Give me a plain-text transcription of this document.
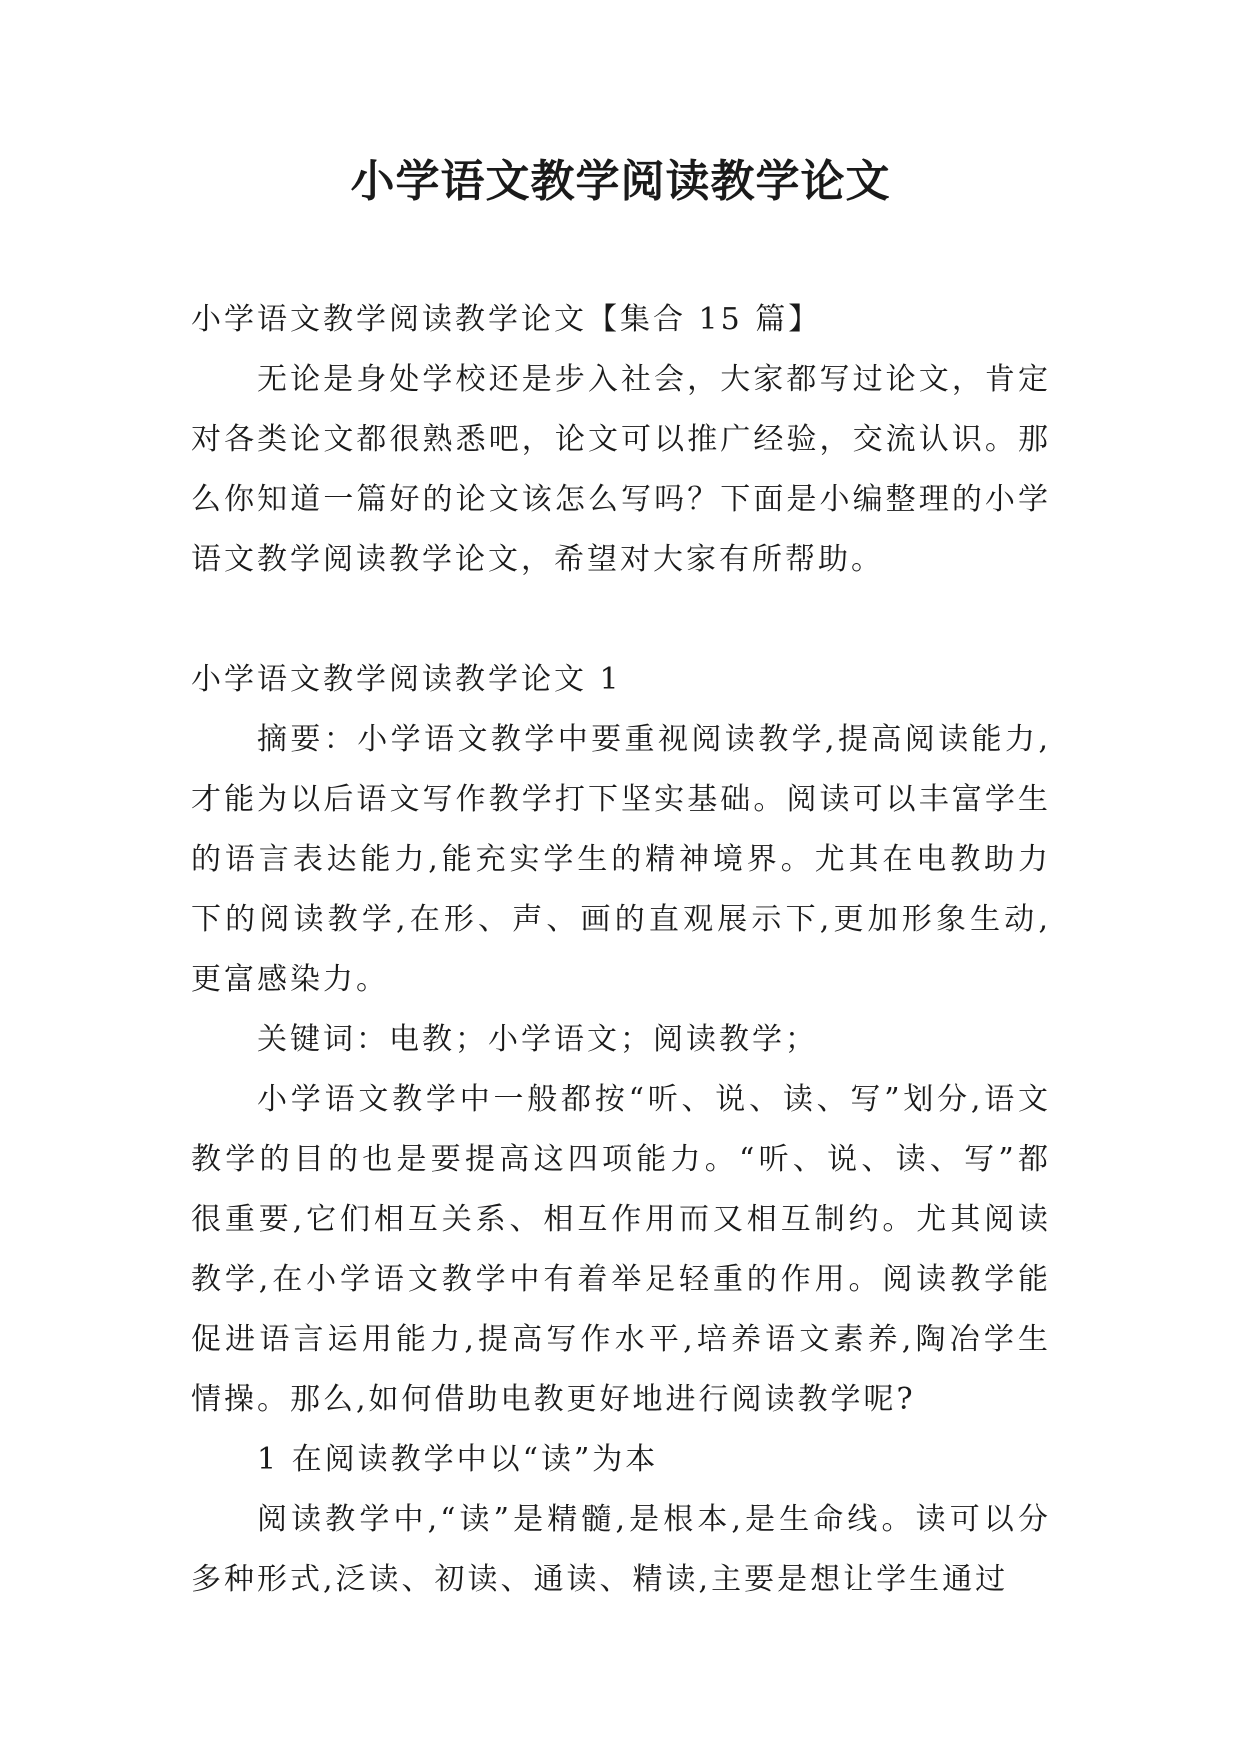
小学语文教学阅读教学论文

小学语文教学阅读教学论文【集合 15 篇】

无论是身处学校还是步入社会，大家都写过论文，肯定对各类论文都很熟悉吧，论文可以推广经验，交流认识。那么你知道一篇好的论文该怎么写吗？下面是小编整理的小学语文教学阅读教学论文，希望对大家有所帮助。

小学语文教学阅读教学论文 1

摘要：小学语文教学中要重视阅读教学,提高阅读能力,才能为以后语文写作教学打下坚实基础。阅读可以丰富学生的语言表达能力,能充实学生的精神境界。尤其在电教助力下的阅读教学,在形、声、画的直观展示下,更加形象生动,更富感染力。

关键词：电教；小学语文；阅读教学；

小学语文教学中一般都按“听、说、读、写”划分,语文教学的目的也是要提高这四项能力。“听、说、读、写”都很重要,它们相互关系、相互作用而又相互制约。尤其阅读教学,在小学语文教学中有着举足轻重的作用。阅读教学能促进语言运用能力,提高写作水平,培养语文素养,陶冶学生情操。那么,如何借助电教更好地进行阅读教学呢?

1 在阅读教学中以“读”为本

阅读教学中,“读”是精髓,是根本,是生命线。读可以分多种形式,泛读、初读、通读、精读,主要是想让学生通过
